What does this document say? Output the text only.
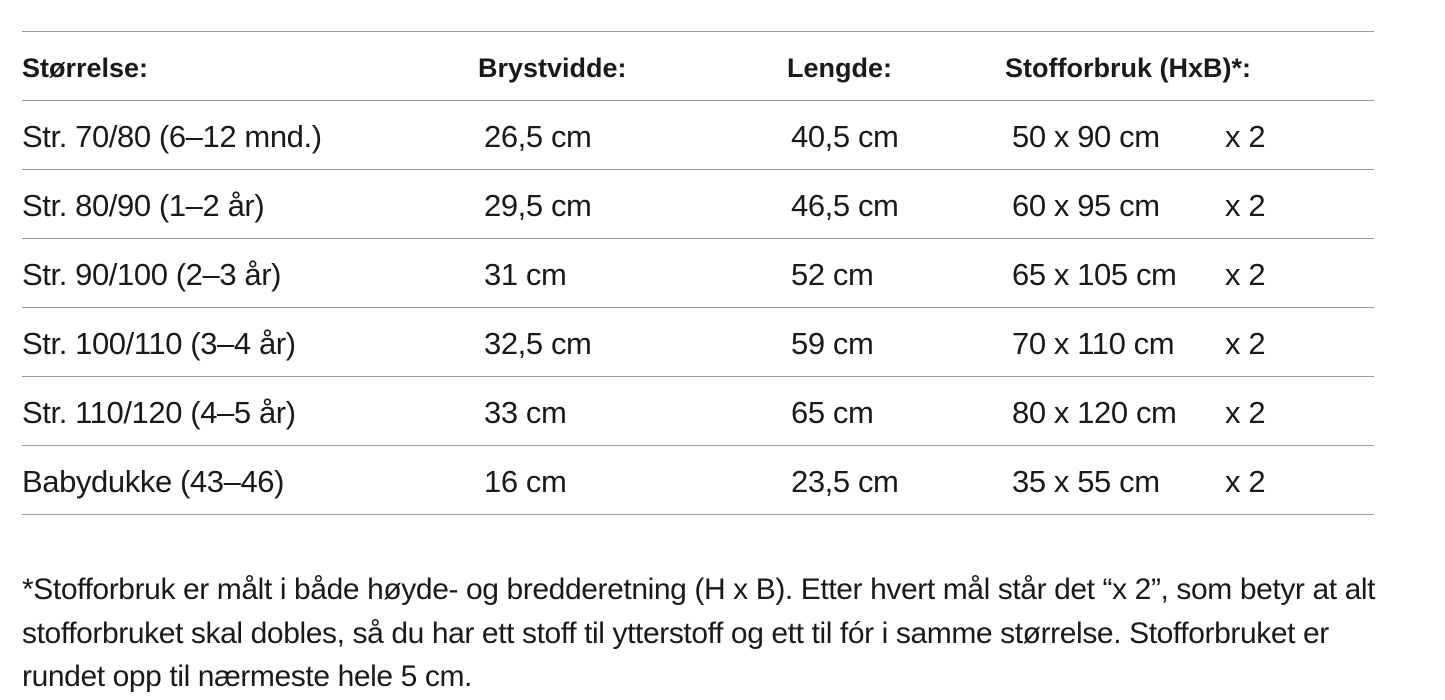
Størrelse:	Brystvidde:	Lengde:	Stofforbruk (HxB)*:
Str. 70/80 (6–12 mnd.)	26,5 cm	40,5 cm	50 x 90 cm x 2
Str. 80/90 (1–2 år)	29,5 cm	46,5 cm	60 x 95 cm x 2
Str. 90/100 (2–3 år)	31 cm	52 cm	65 x 105 cm x 2
Str. 100/110 (3–4 år)	32,5 cm	59 cm	70 x 110 cm x 2
Str. 110/120 (4–5 år)	33 cm	65 cm	80 x 120 cm x 2
Babydukke (43–46)	16 cm	23,5 cm	35 x 55 cm x 2

*Stofforbruk er målt i både høyde- og bredderetning (H x B). Etter hvert mål står det “x 2”, som betyr at alt stofforbruket skal dobles, så du har ett stoff til ytterstoff og ett til fór i samme størrelse. Stofforbruket er rundet opp til nærmeste hele 5 cm.
